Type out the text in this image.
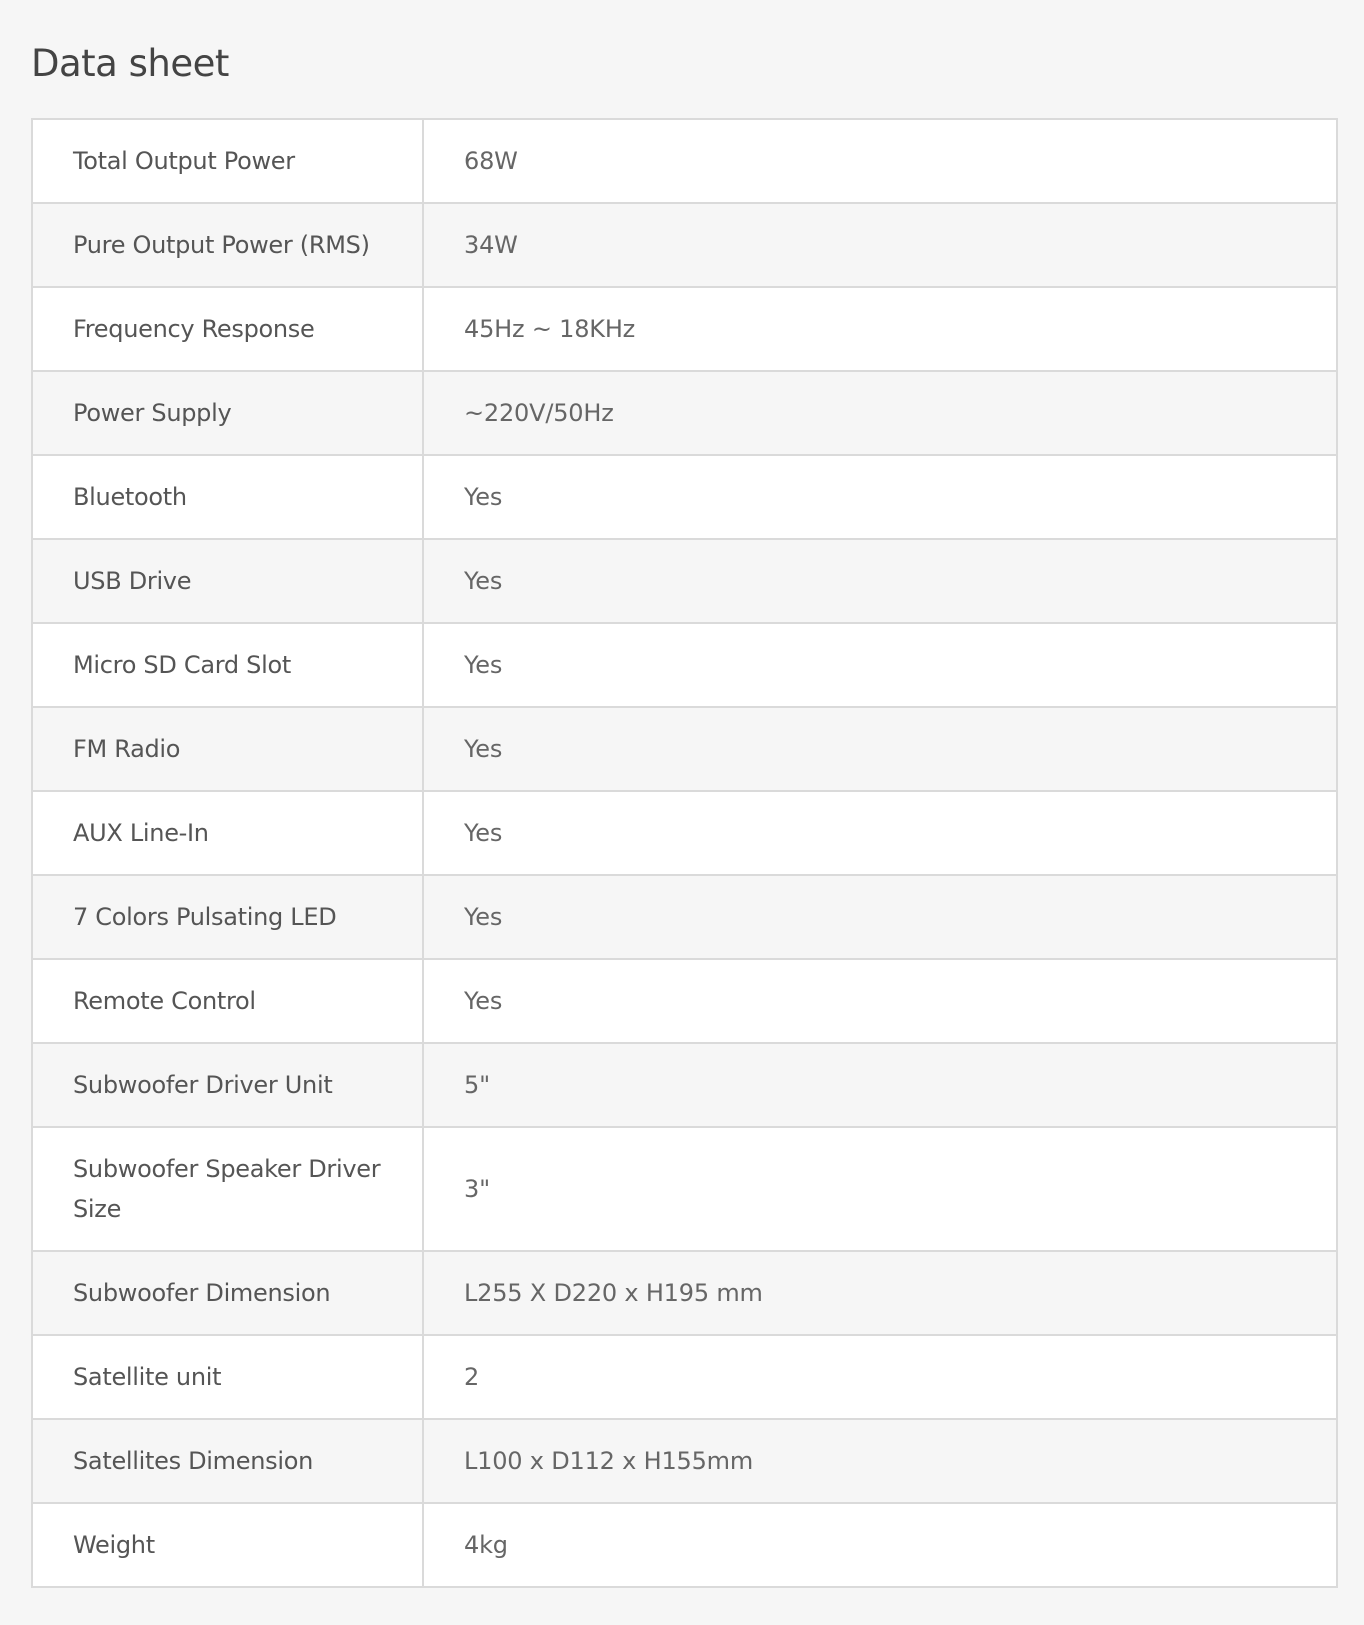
Data sheet
Total Output Power	68W
Pure Output Power (RMS)	34W
Frequency Response	45Hz ~ 18KHz
Power Supply	~220V/50Hz
Bluetooth	Yes
USB Drive	Yes
Micro SD Card Slot	Yes
FM Radio	Yes
AUX Line-In	Yes
7 Colors Pulsating LED	Yes
Remote Control	Yes
Subwoofer Driver Unit	5"
Subwoofer Speaker Driver Size	3"
Subwoofer Dimension	L255 X D220 x H195 mm
Satellite unit	2
Satellites Dimension	L100 x D112 x H155mm
Weight	4kg
